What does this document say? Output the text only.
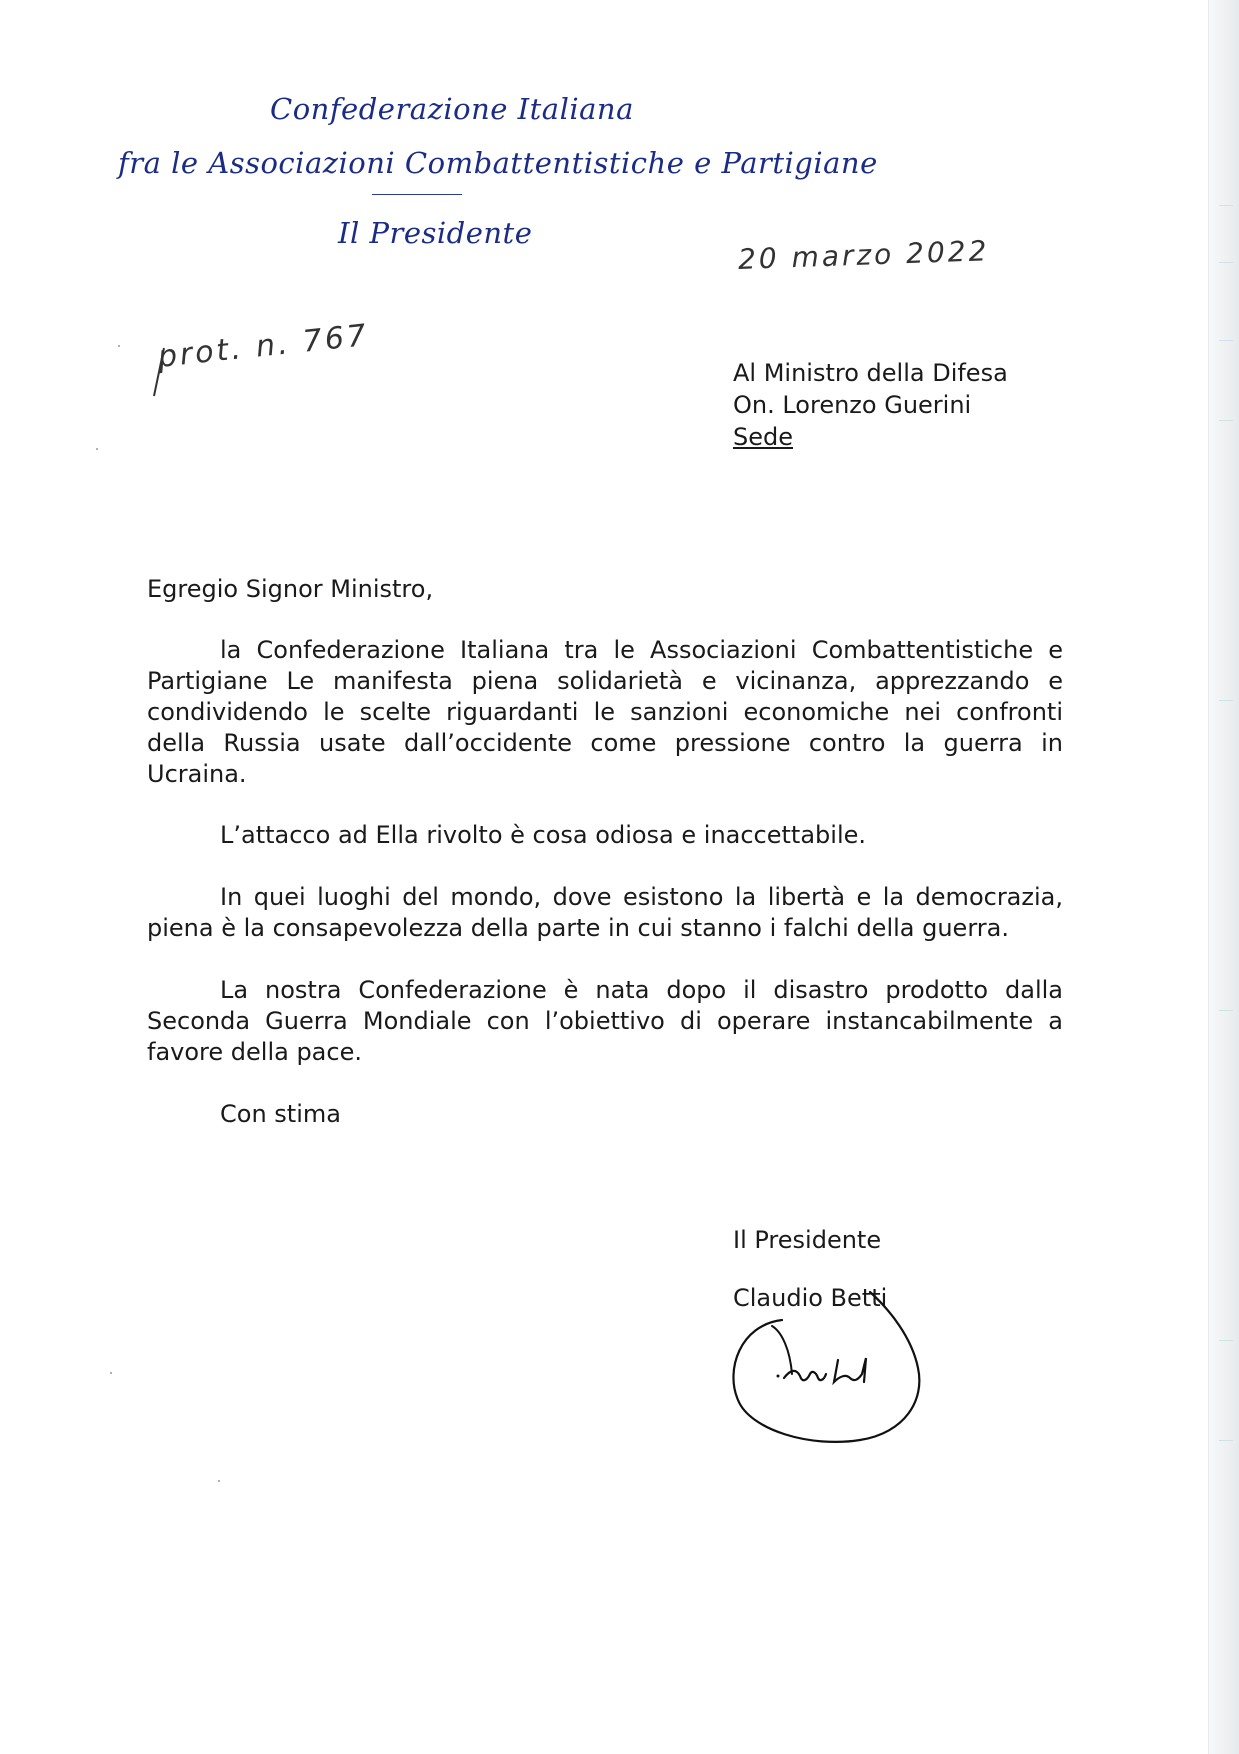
Confederazione Italiana
fra le Associazioni Combattentistiche e Partigiane
Il Presidente
20 marzo 2022
prot. n. 767	Al Ministro della Difesa
On. Lorenzo Guerini
Sede
Egregio Signor Ministro,
la Confederazione Italiana tra le Associazioni Combattentistiche e Partigiane Le manifesta piena solidarietà e vicinanza, apprezzando e condividendo le scelte riguardanti le sanzioni economiche nei confronti della Russia usate dall’occidente come pressione contro la guerra in Ucraina.
L’attacco ad Ella rivolto è cosa odiosa e inaccettabile.
In quei luoghi del mondo, dove esistono la libertà e la democrazia, piena è la consapevolezza della parte in cui stanno i falchi della guerra.
La nostra Confederazione è nata dopo il disastro prodotto dalla Seconda Guerra Mondiale con l’obiettivo di operare instancabilmente a favore della pace.
Con stima
Il Presidente
Claudio Betti
